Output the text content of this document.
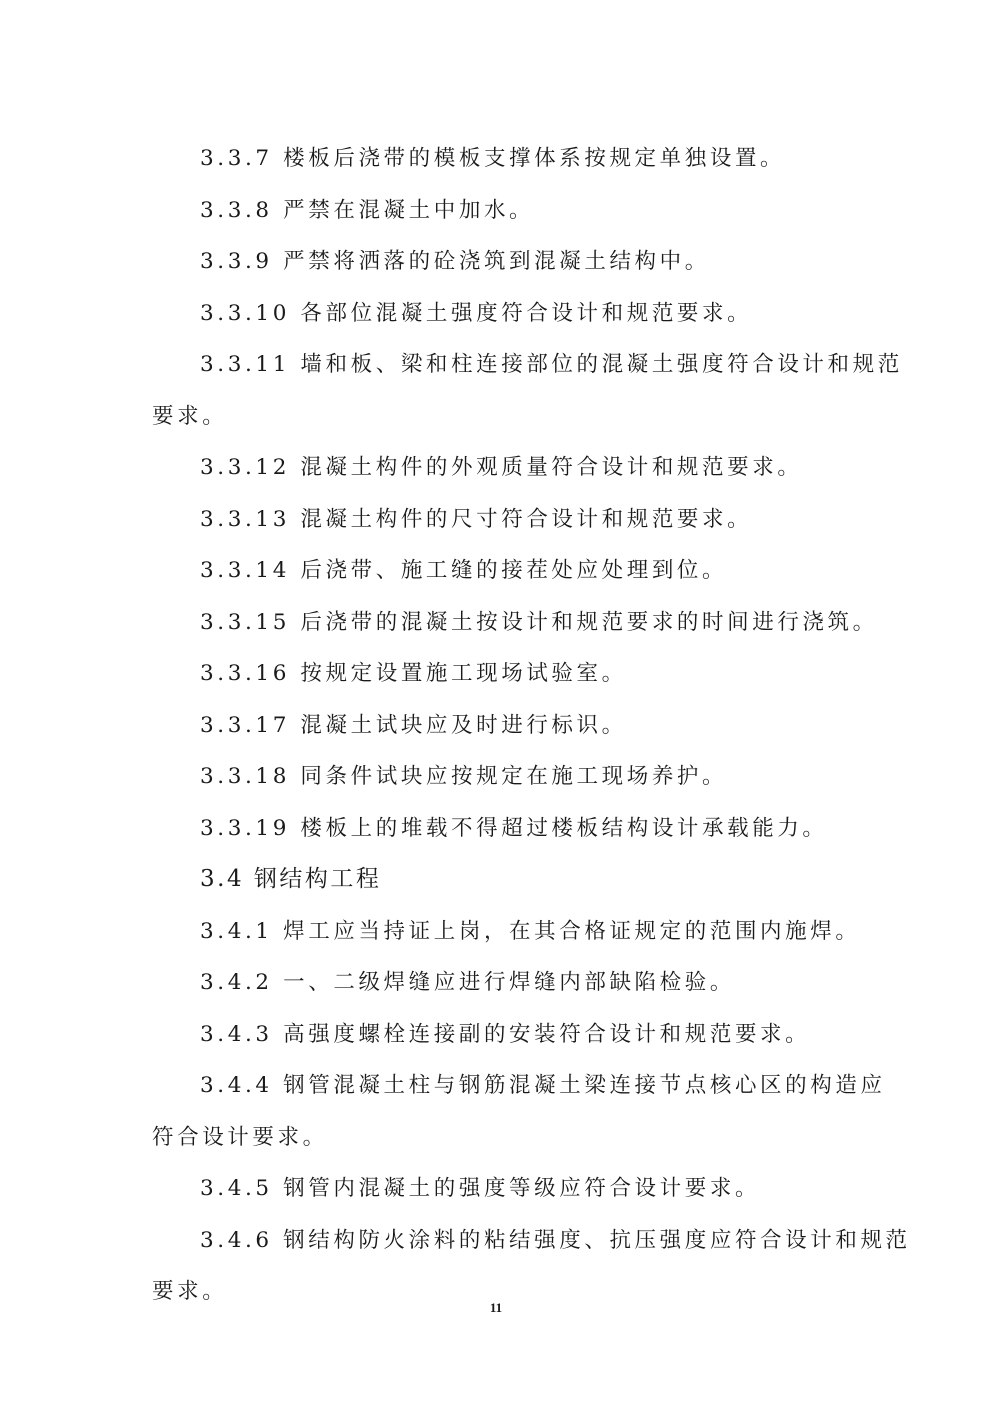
3.3.7 楼板后浇带的模板支撑体系按规定单独设置。
3.3.8 严禁在混凝土中加水。
3.3.9 严禁将洒落的砼浇筑到混凝土结构中。
3.3.10 各部位混凝土强度符合设计和规范要求。
3.3.11 墙和板、梁和柱连接部位的混凝土强度符合设计和规范
要求。
3.3.12 混凝土构件的外观质量符合设计和规范要求。
3.3.13 混凝土构件的尺寸符合设计和规范要求。
3.3.14 后浇带、施工缝的接茬处应处理到位。
3.3.15 后浇带的混凝土按设计和规范要求的时间进行浇筑。
3.3.16 按规定设置施工现场试验室。
3.3.17 混凝土试块应及时进行标识。
3.3.18 同条件试块应按规定在施工现场养护。
3.3.19 楼板上的堆载不得超过楼板结构设计承载能力。
3.4 钢结构工程
3.4.1 焊工应当持证上岗，在其合格证规定的范围内施焊。
3.4.2 一、二级焊缝应进行焊缝内部缺陷检验。
3.4.3 高强度螺栓连接副的安装符合设计和规范要求。
3.4.4 钢管混凝土柱与钢筋混凝土梁连接节点核心区的构造应
符合设计要求。
3.4.5 钢管内混凝土的强度等级应符合设计要求。
3.4.6 钢结构防火涂料的粘结强度、抗压强度应符合设计和规范
要求。
11
